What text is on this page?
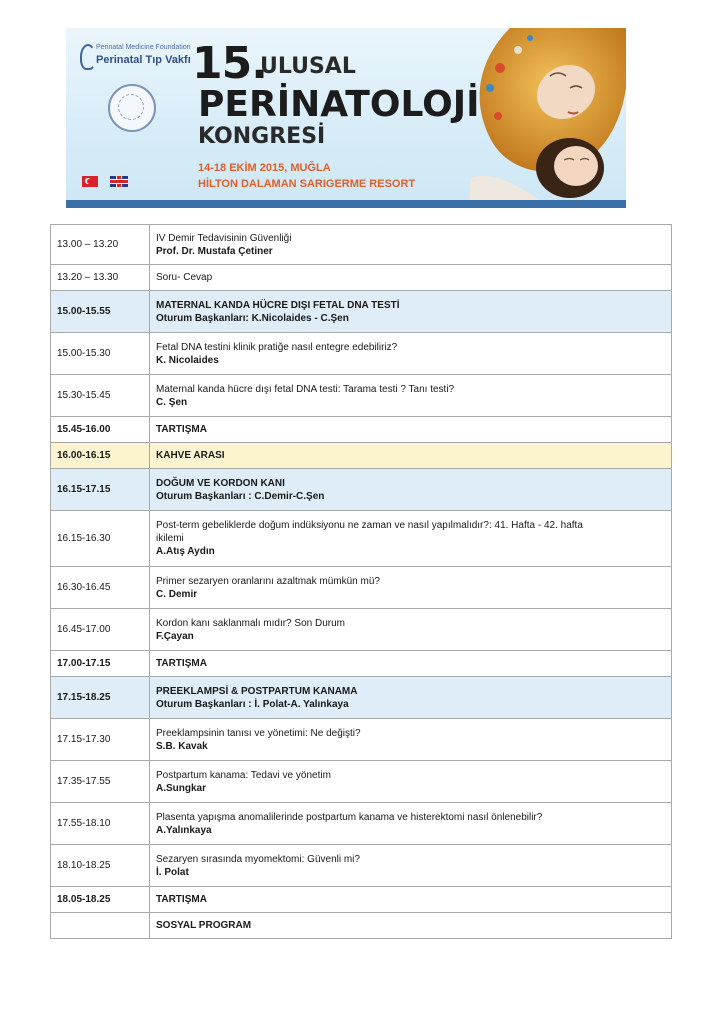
Perinatal Medicine Foundation
Perinatal Tıp Vakfı 15.
ULUSAL
PERİNATOLOJİ
KONGRESİ
14-18 EKİM 2015, MUĞLA
HİLTON DALAMAN SARIGERME RESORT
13.00 – 13.20	IV Demir Tedavisinin Güvenliği
Prof. Dr. Mustafa Çetiner

13.20 – 13.30	Soru- Cevap

15.00-15.55	MATERNAL KANDA HÜCRE DIŞI FETAL DNA TESTİ
Oturum Başkanları: K.Nicolaides - C.Şen

15.00-15.30	Fetal DNA testini klinik pratiğe nasıl entegre edebiliriz?
K. Nicolaides

15.30-15.45	Maternal kanda hücre dışı fetal DNA testi: Tarama testi ? Tanı testi?
C. Şen

15.45-16.00	TARTIŞMA

16.00-16.15	KAHVE ARASI

16.15-17.15	DOĞUM VE KORDON KANI
Oturum Başkanları : C.Demir-C.Şen

16.15-16.30	Post-term gebeliklerde doğum indüksiyonu ne zaman ve nasıl yapılmalıdır?: 41. Hafta - 42. hafta
ikilemi
A.Atış Aydın

16.30-16.45	Primer sezaryen oranlarını azaltmak mümkün mü?
C. Demir

16.45-17.00	Kordon kanı saklanmalı mıdır? Son Durum
F.Çayan

17.00-17.15	TARTIŞMA

17.15-18.25	PREEKLAMPSİ & POSTPARTUM KANAMA
Oturum Başkanları : İ. Polat-A. Yalınkaya

17.15-17.30	Preeklampsinin tanısı ve yönetimi: Ne değişti?
S.B. Kavak

17.35-17.55	Postpartum kanama: Tedavi ve yönetim
A.Sungkar

17.55-18.10	Plasenta yapışma anomalilerinde postpartum kanama ve histerektomi nasıl önlenebilir?
A.Yalınkaya

18.10-18.25	Sezaryen sırasında myomektomi: Güvenli mi?
İ. Polat

18.05-18.25	TARTIŞMA

	SOSYAL PROGRAM
